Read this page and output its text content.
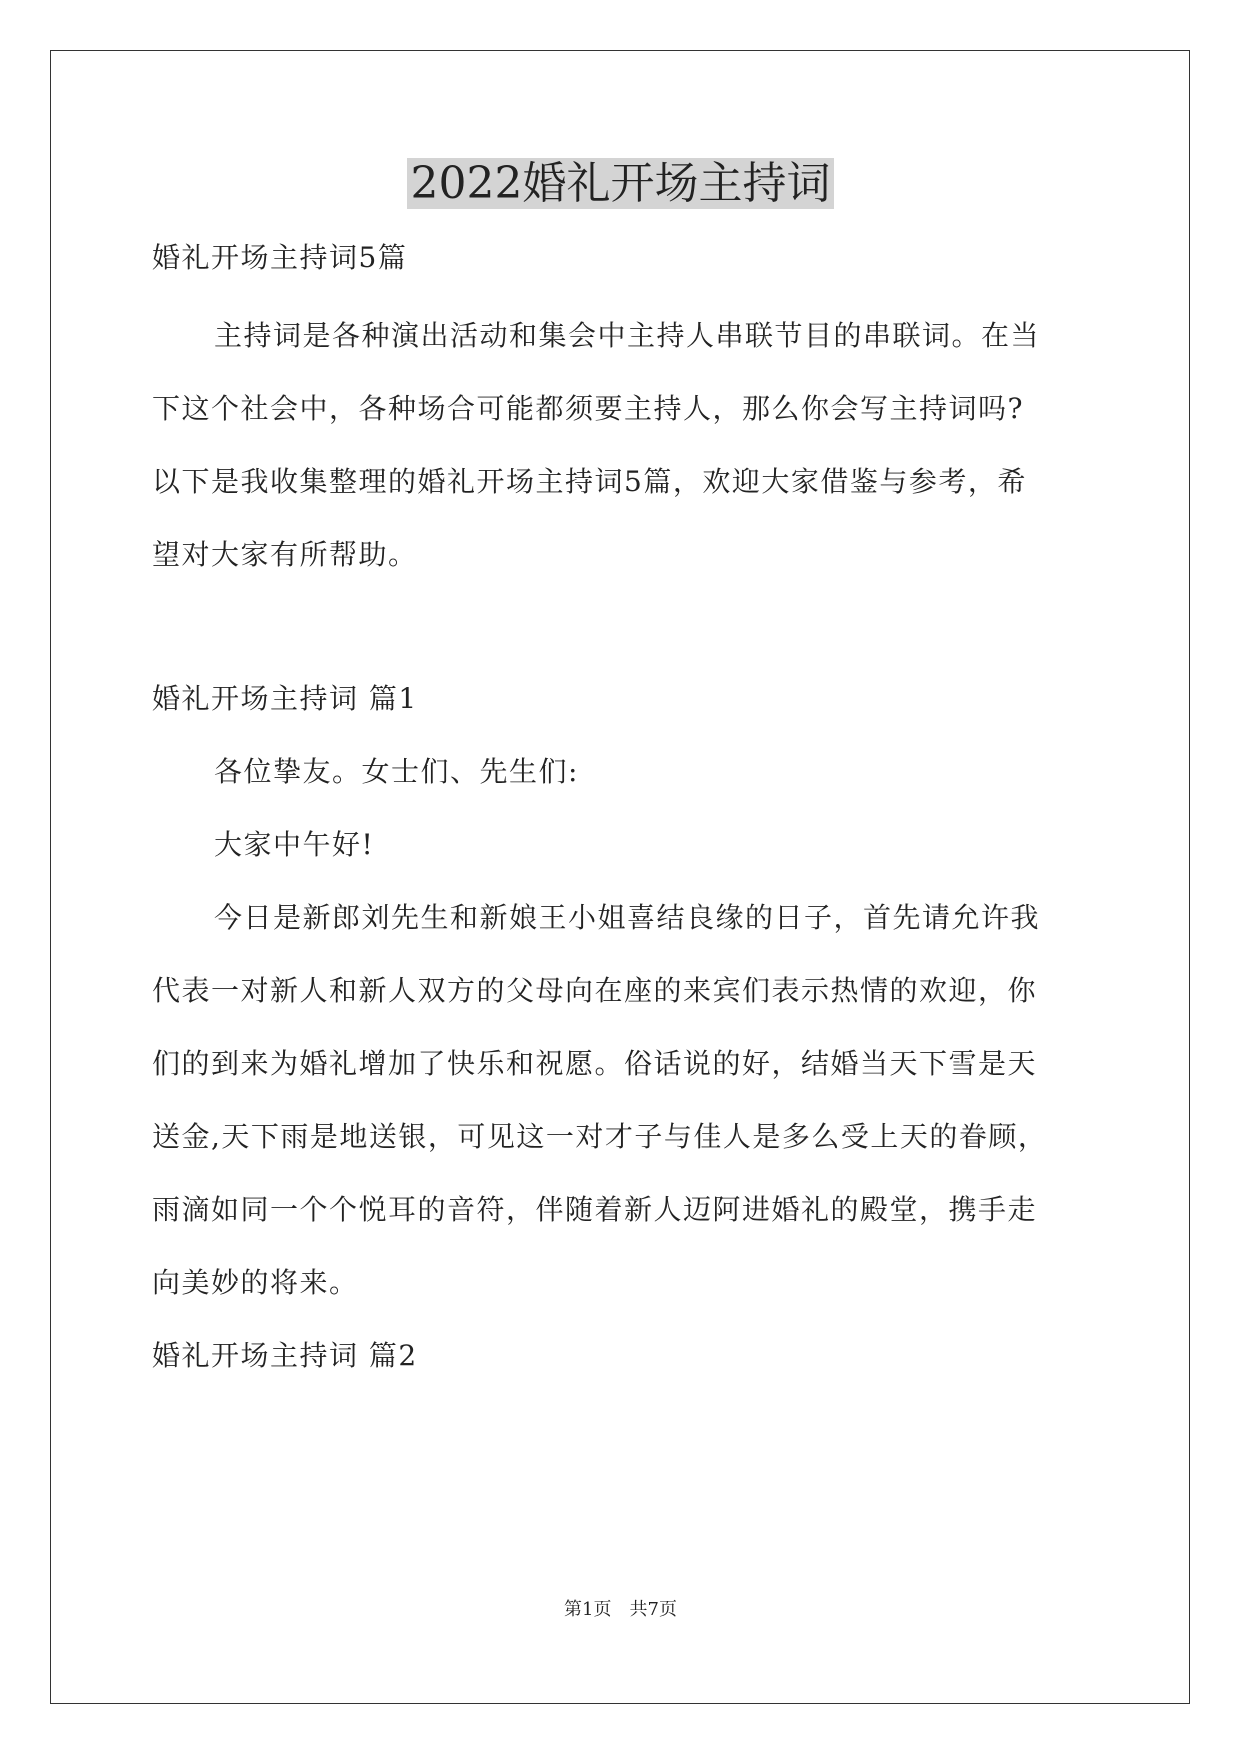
2022婚礼开场主持词
婚礼开场主持词5篇
主持词是各种演出活动和集会中主持人串联节目的串联词。在当
下这个社会中，各种场合可能都须要主持人，那么你会写主持词吗?
以下是我收集整理的婚礼开场主持词5篇，欢迎大家借鉴与参考，希
望对大家有所帮助。
婚礼开场主持词 篇1
各位挚友。女士们、先生们:
大家中午好!
今日是新郎刘先生和新娘王小姐喜结良缘的日子，首先请允许我
代表一对新人和新人双方的父母向在座的来宾们表示热情的欢迎，你
们的到来为婚礼增加了快乐和祝愿。俗话说的好，结婚当天下雪是天
送金,天下雨是地送银，可见这一对才子与佳人是多么受上天的眷顾，
雨滴如同一个个悦耳的音符，伴随着新人迈阿进婚礼的殿堂，携手走
向美妙的将来。
婚礼开场主持词 篇2
第1页　共7页
